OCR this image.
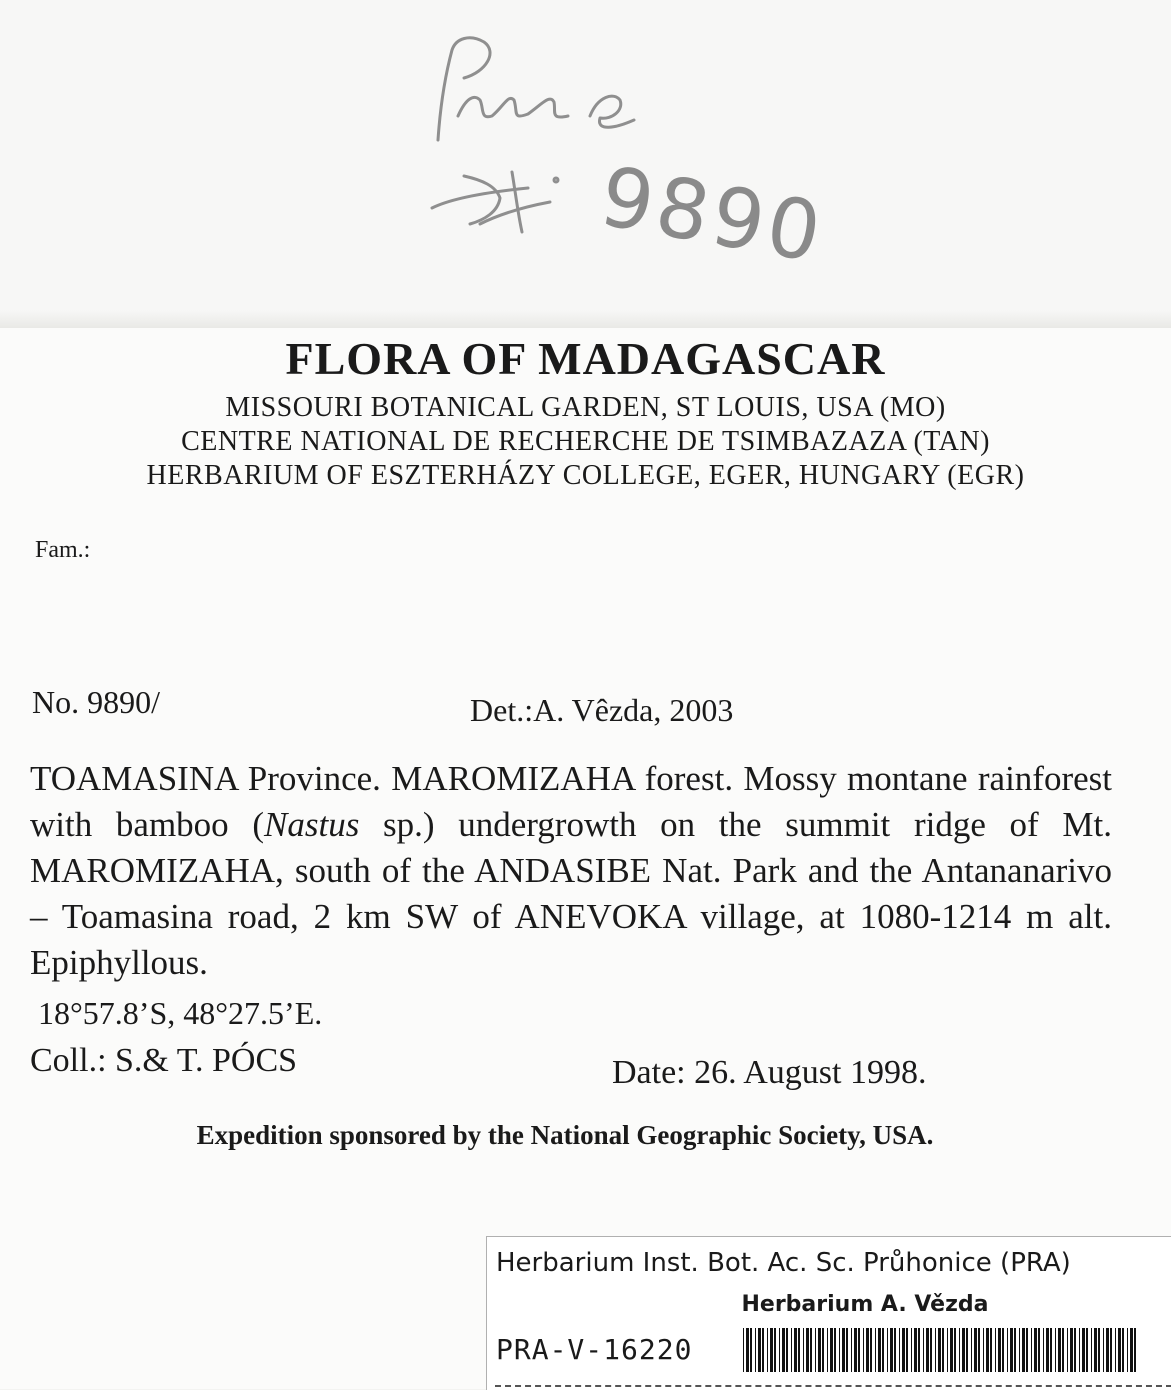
9890
FLORA OF MADAGASCAR
MISSOURI BOTANICAL GARDEN, ST LOUIS, USA (MO)
CENTRE NATIONAL DE RECHERCHE DE TSIMBAZAZA (TAN)
HERBARIUM OF ESZTERHÁZY COLLEGE, EGER, HUNGARY (EGR)
Fam.:
No. 9890/	Det.:A. Vêzda, 2003
TOAMASINA Province. MAROMIZAHA forest. Mossy montane rainforest with bamboo (Nastus sp.) undergrowth on the summit ridge of Mt. MAROMIZAHA, south of the ANDASIBE Nat. Park and the Antananarivo – Toamasina road, 2 km SW of ANEVOKA village, at 1080-1214 m alt. Epiphyllous.
18°57.8’S, 48°27.5’E.
Coll.: S.& T. PÓCS	Date: 26. August 1998.
Expedition sponsored by the National Geographic Society, USA.
Herbarium Inst. Bot. Ac. Sc. Průhonice (PRA)
Herbarium A. Vězda
PRA-V-16220
